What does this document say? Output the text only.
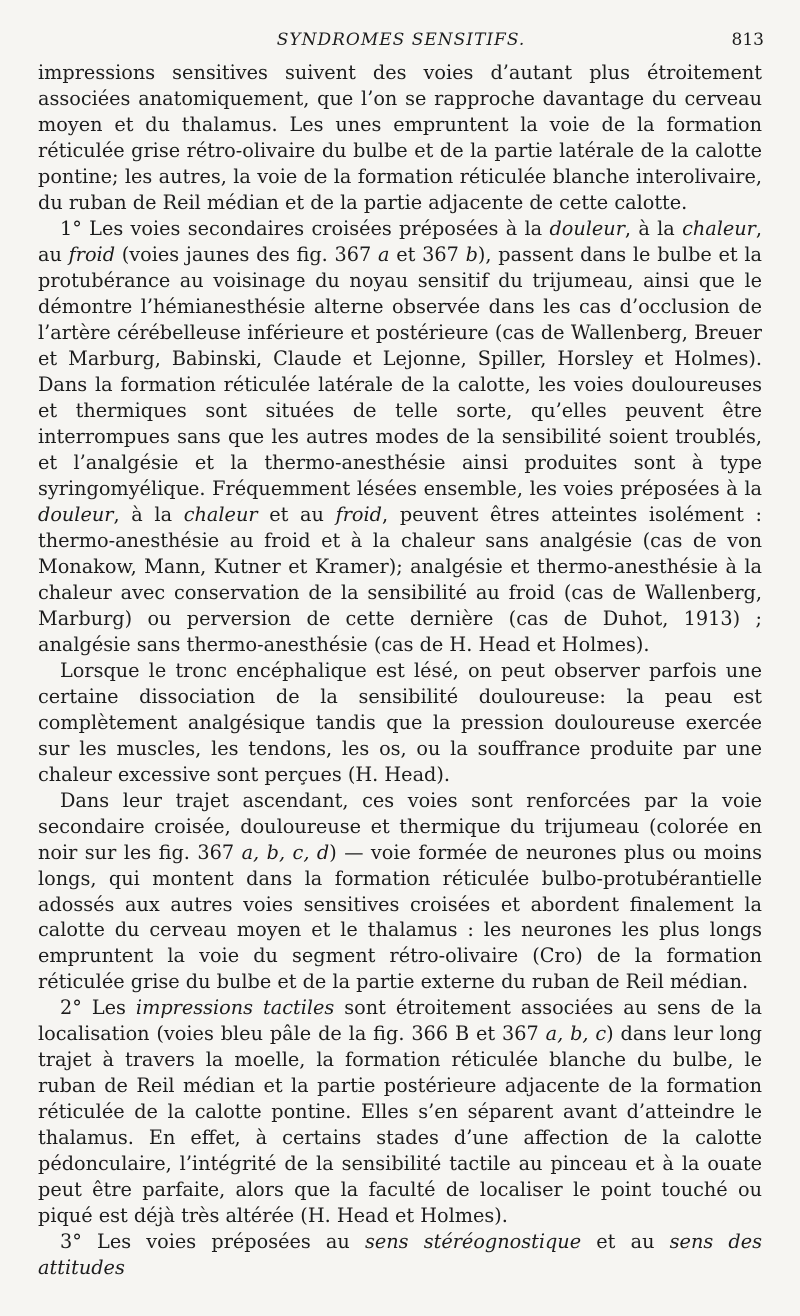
SYNDROMES SENSITIFS.	813

impressions sensitives suivent des voies d’autant plus étroitement associées anatomiquement, que l’on se rapproche davantage du cerveau moyen et du thalamus. Les unes empruntent la voie de la formation réticulée grise rétro-olivaire du bulbe et de la partie latérale de la calotte pontine; les autres, la voie de la formation réticulée blanche interolivaire, du ruban de Reil médian et de la partie adjacente de cette calotte.

1° Les voies secondaires croisées préposées à la douleur, à la chaleur, au froid (voies jaunes des fig. 367 a et 367 b), passent dans le bulbe et la protubérance au voisinage du noyau sensitif du trijumeau, ainsi que le démontre l’hémianesthésie alterne observée dans les cas d’occlusion de l’artère cérébelleuse inférieure et postérieure (cas de Wallenberg, Breuer et Marburg, Babinski, Claude et Lejonne, Spiller, Horsley et Holmes). Dans la formation réticulée latérale de la calotte, les voies douloureuses et thermiques sont situées de telle sorte, qu’elles peuvent être interrompues sans que les autres modes de la sensibilité soient troublés, et l’analgésie et la thermo-anesthésie ainsi produites sont à type syringomyélique. Fréquemment lésées ensemble, les voies préposées à la douleur, à la chaleur et au froid, peuvent êtres atteintes isolément : thermo-anesthésie au froid et à la chaleur sans analgésie (cas de von Monakow, Mann, Kutner et Kramer); analgésie et thermo-anesthésie à la chaleur avec conservation de la sensibilité au froid (cas de Wallenberg, Marburg) ou perversion de cette dernière (cas de Duhot, 1913) ; analgésie sans thermo-anesthésie (cas de H. Head et Holmes).

Lorsque le tronc encéphalique est lésé, on peut observer parfois une certaine dissociation de la sensibilité douloureuse: la peau est complètement analgésique tandis que la pression douloureuse exercée sur les muscles, les tendons, les os, ou la souffrance produite par une chaleur excessive sont perçues (H. Head).

Dans leur trajet ascendant, ces voies sont renforcées par la voie secondaire croisée, douloureuse et thermique du trijumeau (colorée en noir sur les fig. 367 a, b, c, d) — voie formée de neurones plus ou moins longs, qui montent dans la formation réticulée bulbo-protubérantielle adossés aux autres voies sensitives croisées et abordent finalement la calotte du cerveau moyen et le thalamus : les neurones les plus longs empruntent la voie du segment rétro-olivaire (Cro) de la formation réticulée grise du bulbe et de la partie externe du ruban de Reil médian.

2° Les impressions tactiles sont étroitement associées au sens de la localisation (voies bleu pâle de la fig. 366 B et 367 a, b, c) dans leur long trajet à travers la moelle, la formation réticulée blanche du bulbe, le ruban de Reil médian et la partie postérieure adjacente de la formation réticulée de la calotte pontine. Elles s’en séparent avant d’atteindre le thalamus. En effet, à certains stades d’une affection de la calotte pédonculaire, l’intégrité de la sensibilité tactile au pinceau et à la ouate peut être parfaite, alors que la faculté de localiser le point touché ou piqué est déjà très altérée (H. Head et Holmes).

3° Les voies préposées au sens stéréognostique et au sens des attitudes
